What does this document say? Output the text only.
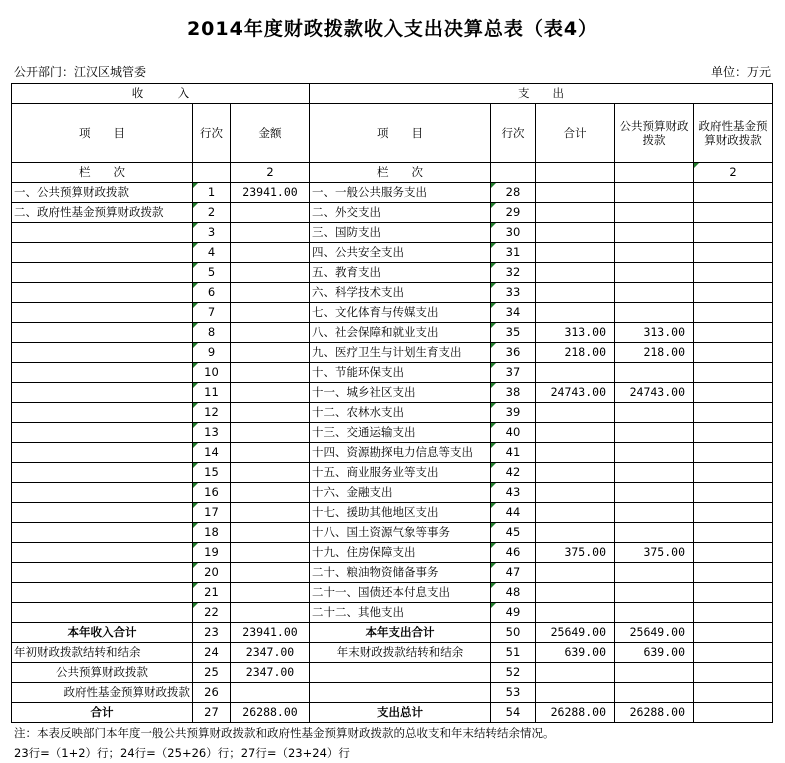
2014年度财政拨款收入支出决算总表（表4）
公开部门：江汉区城管委	单位：万元
收　　　入			支　　出				
项　　目	行次	金额	项　　目	行次	合计	公共预算财政拨款	政府性基金预算财政拨款
栏　　次		2	栏　　次				2
一、公共预算财政拨款	1	23941.00	一、一般公共服务支出	28			
二、政府性基金预算财政拨款	2		二、外交支出	29			
	3		三、国防支出	30			
	4		四、公共安全支出	31			
	5		五、教育支出	32			
	6		六、科学技术支出	33			
	7		七、文化体育与传媒支出	34			
	8		八、社会保障和就业支出	35	313.00	313.00	
	9		九、医疗卫生与计划生育支出	36	218.00	218.00	
	10		十、节能环保支出	37			
	11		十一、城乡社区支出	38	24743.00	24743.00	
	12		十二、农林水支出	39			
	13		十三、交通运输支出	40			
	14		十四、资源勘探电力信息等支出	41			
	15		十五、商业服务业等支出	42			
	16		十六、金融支出	43			
	17		十七、援助其他地区支出	44			
	18		十八、国土资源气象等事务	45			
	19		十九、住房保障支出	46	375.00	375.00	
	20		二十、粮油物资储备事务	47			
	21		二十一、国债还本付息支出	48			
	22		二十二、其他支出	49			
本年收入合计	23	23941.00	本年支出合计	50	25649.00	25649.00	
年初财政拨款结转和结余	24	2347.00	年末财政拨款结转和结余	51	639.00	639.00	
公共预算财政拨款	25	2347.00		52			
政府性基金预算财政拨款	26			53			
合计	27	26288.00	支出总计	54	26288.00	26288.00	
注：本表反映部门本年度一般公共预算财政拨款和政府性基金预算财政拨款的总收支和年末结转结余情况。
23行=（1+2）行；24行=（25+26）行；27行=（23+24）行
